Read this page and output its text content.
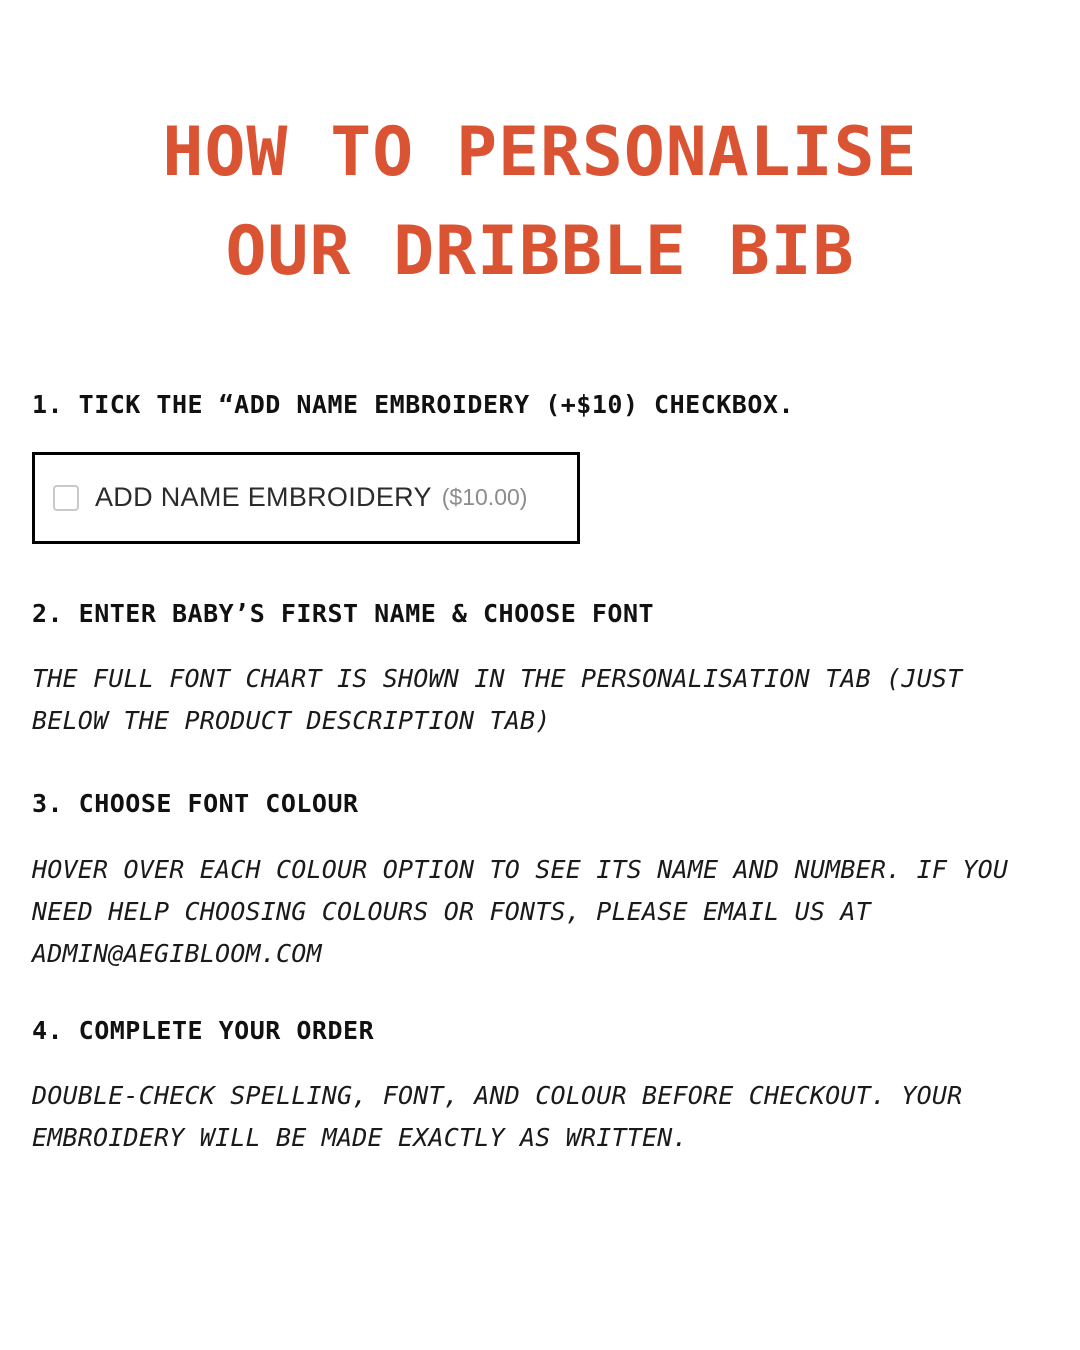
HOW TO PERSONALISE
OUR DRIBBLE BIB

1. TICK THE “ADD NAME EMBROIDERY (+$10) CHECKBOX.

ADD NAME EMBROIDERY ($10.00)

2. ENTER BABY’S FIRST NAME & CHOOSE FONT

THE FULL FONT CHART IS SHOWN IN THE PERSONALISATION TAB (JUST BELOW THE PRODUCT DESCRIPTION TAB)

3. CHOOSE FONT COLOUR

HOVER OVER EACH COLOUR OPTION TO SEE ITS NAME AND NUMBER. IF YOU NEED HELP CHOOSING COLOURS OR FONTS, PLEASE EMAIL US AT ADMIN@AEGIBLOOM.COM

4. COMPLETE YOUR ORDER

DOUBLE-CHECK SPELLING, FONT, AND COLOUR BEFORE CHECKOUT. YOUR EMBROIDERY WILL BE MADE EXACTLY AS WRITTEN.
